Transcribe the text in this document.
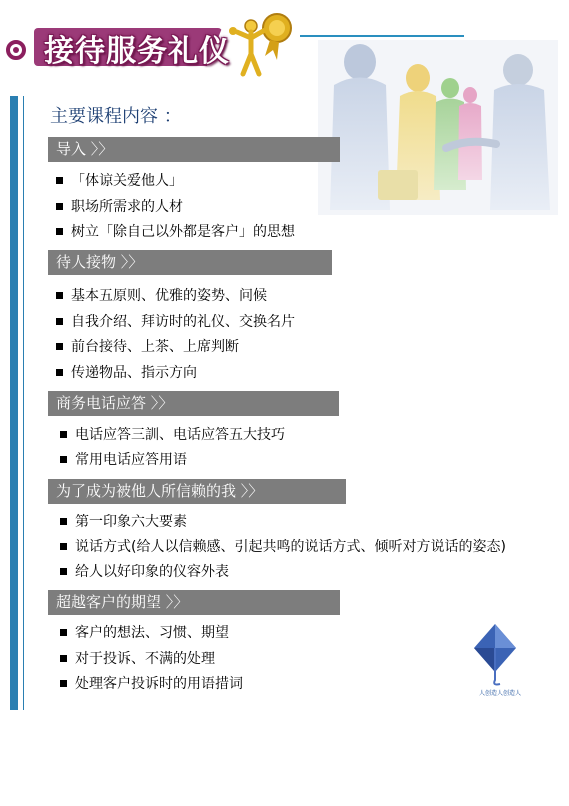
接待服务礼仪
主要课程内容 ：
导入 〉〉
「体谅关爱他人」
职场所需求的人材
树立「除自己以外都是客户」的思想
待人接物 〉〉
基本五原则、优雅的姿势、问候
自我介绍、拜访时的礼仪、交换名片
前台接待、上茶、上席判断
传递物品、指示方向
商务电话应答 〉〉
电话应答三訓、电话应答五大技巧
常用电话应答用语
为了成为被他人所信赖的我 〉〉
第一印象六大要素
说话方式(给人以信赖感、引起共鸣的说话方式、倾听对方说话的姿态)
给人以好印象的仪容外表
超越客户的期望 〉〉
客户的想法、习惯、期望
对于投诉、不满的处理
处理客户投诉时的用语措词
人创造人创造人
